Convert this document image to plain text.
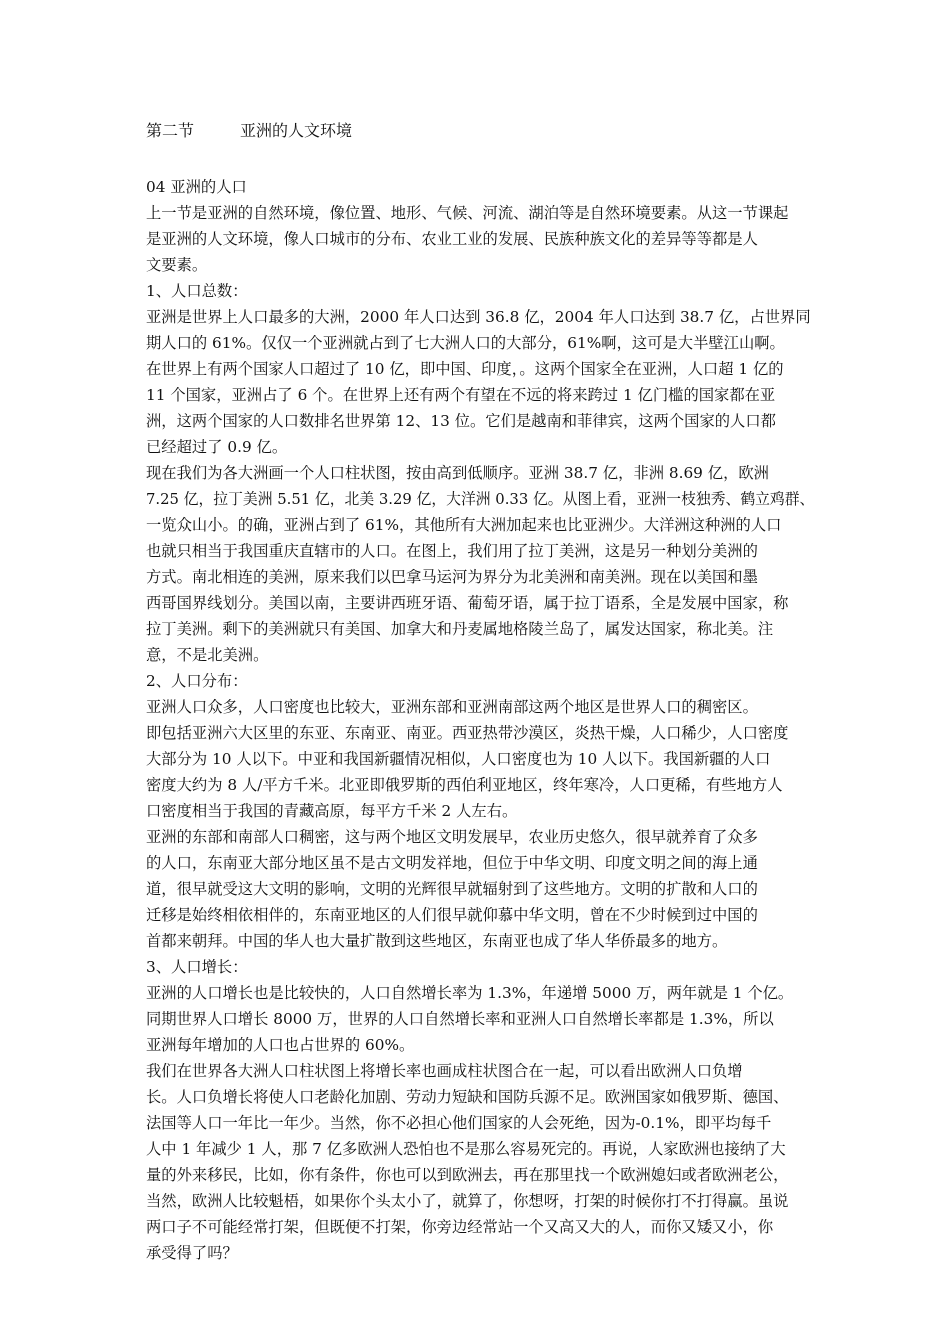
第二节	亚洲的人文环境

04 亚洲的人口

上一节是亚洲的自然环境，像位置、地形、气候、河流、湖泊等是自然环境要素。从这一节课起

是亚洲的人文环境，像人口城市的分布、农业工业的发展、民族种族文化的差异等等都是人

文要素。

1、人口总数：

亚洲是世界上人口最多的大洲，2000 年人口达到 36.8 亿，2004 年人口达到 38.7 亿，占世界同

期人口的 61%。仅仅一个亚洲就占到了七大洲人口的大部分，61%啊，这可是大半壁江山啊。

在世界上有两个国家人口超过了 10 亿，即中国、印度，。这两个国家全在亚洲，人口超 1 亿的

11 个国家，亚洲占了 6 个。在世界上还有两个有望在不远的将来跨过 1 亿门槛的国家都在亚

洲，这两个国家的人口数排名世界第 12、13 位。它们是越南和菲律宾，这两个国家的人口都

已经超过了 0.9 亿。

现在我们为各大洲画一个人口柱状图，按由高到低顺序。亚洲 38.7 亿，非洲 8.69 亿，欧洲

7.25 亿，拉丁美洲 5.51 亿，北美 3.29 亿，大洋洲 0.33 亿。从图上看，亚洲一枝独秀、鹤立鸡群、

一览众山小。的确，亚洲占到了 61%，其他所有大洲加起来也比亚洲少。大洋洲这种洲的人口

也就只相当于我国重庆直辖市的人口。在图上，我们用了拉丁美洲，这是另一种划分美洲的

方式。南北相连的美洲，原来我们以巴拿马运河为界分为北美洲和南美洲。现在以美国和墨

西哥国界线划分。美国以南，主要讲西班牙语、葡萄牙语，属于拉丁语系，全是发展中国家，称

拉丁美洲。剩下的美洲就只有美国、加拿大和丹麦属地格陵兰岛了，属发达国家，称北美。注

意，不是北美洲。

2、人口分布：

亚洲人口众多，人口密度也比较大，亚洲东部和亚洲南部这两个地区是世界人口的稠密区。

即包括亚洲六大区里的东亚、东南亚、南亚。西亚热带沙漠区，炎热干燥，人口稀少，人口密度

大部分为 10 人以下。中亚和我国新疆情况相似，人口密度也为 10 人以下。我国新疆的人口

密度大约为 8 人/平方千米。北亚即俄罗斯的西伯利亚地区，终年寒冷，人口更稀，有些地方人

口密度相当于我国的青藏高原，每平方千米 2 人左右。

亚洲的东部和南部人口稠密，这与两个地区文明发展早，农业历史悠久，很早就养育了众多

的人口，东南亚大部分地区虽不是古文明发祥地，但位于中华文明、印度文明之间的海上通

道，很早就受这大文明的影响，文明的光辉很早就辐射到了这些地方。文明的扩散和人口的

迁移是始终相依相伴的，东南亚地区的人们很早就仰慕中华文明，曾在不少时候到过中国的

首都来朝拜。中国的华人也大量扩散到这些地区，东南亚也成了华人华侨最多的地方。

3、人口增长：

亚洲的人口增长也是比较快的，人口自然增长率为 1.3%，年递增 5000 万，两年就是 1 个亿。

同期世界人口增长 8000 万，世界的人口自然增长率和亚洲人口自然增长率都是 1.3%，所以

亚洲每年增加的人口也占世界的 60%。

我们在世界各大洲人口柱状图上将增长率也画成柱状图合在一起，可以看出欧洲人口负增

长。人口负增长将使人口老龄化加剧、劳动力短缺和国防兵源不足。欧洲国家如俄罗斯、德国、

法国等人口一年比一年少。当然，你不必担心他们国家的人会死绝，因为-0.1%，即平均每千

人中 1 年减少 1 人，那 7 亿多欧洲人恐怕也不是那么容易死完的。再说，人家欧洲也接纳了大

量的外来移民，比如，你有条件，你也可以到欧洲去，再在那里找一个欧洲媳妇或者欧洲老公，

当然，欧洲人比较魁梧，如果你个头太小了，就算了，你想呀，打架的时候你打不打得赢。虽说

两口子不可能经常打架，但既便不打架，你旁边经常站一个又高又大的人，而你又矮又小，你

承受得了吗？
